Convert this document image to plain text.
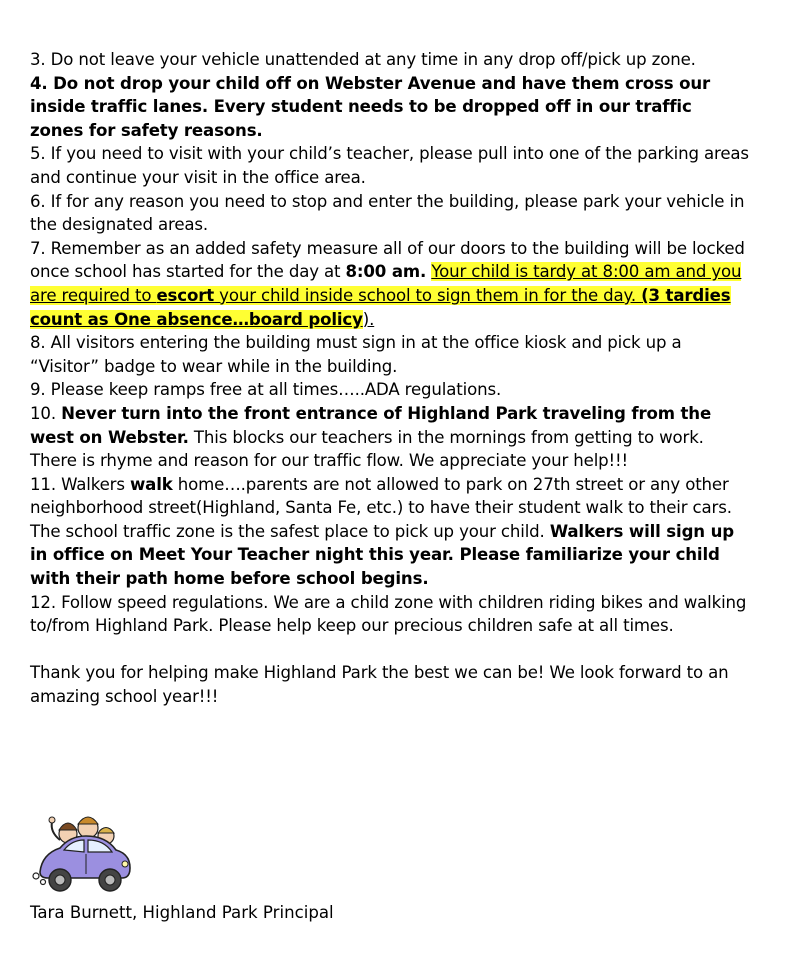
3. Do not leave your vehicle unattended at any time in any drop off/pick up zone.

4. Do not drop your child off on Webster Avenue and have them cross our inside traffic lanes. Every student needs to be dropped off in our traffic zones for safety reasons.

5. If you need to visit with your child’s teacher, please pull into one of the parking areas and continue your visit in the office area.

6. If for any reason you need to stop and enter the building, please park your vehicle in the designated areas.

7. Remember as an added safety measure all of our doors to the building will be locked once school has started for the day at 8:00 am. Your child is tardy at 8:00 am and you are required to escort your child inside school to sign them in for the day. (3 tardies count as One absence…board policy).

8. All visitors entering the building must sign in at the office kiosk and pick up a “Visitor” badge to wear while in the building.

9. Please keep ramps free at all times…..ADA regulations.

10. Never turn into the front entrance of Highland Park traveling from the west on Webster. This blocks our teachers in the mornings from getting to work. There is rhyme and reason for our traffic flow. We appreciate your help!!!

11. Walkers walk home….parents are not allowed to park on 27th street or any other neighborhood street(Highland, Santa Fe, etc.) to have their student walk to their cars. The school traffic zone is the safest place to pick up your child. Walkers will sign up in office on Meet Your Teacher night this year. Please familiarize your child with their path home before school begins.

12. Follow speed regulations. We are a child zone with children riding bikes and walking to/from Highland Park. Please help keep our precious children safe at all times.

Thank you for helping make Highland Park the best we can be! We look forward to an amazing school year!!!

Tara Burnett, Highland Park Principal
